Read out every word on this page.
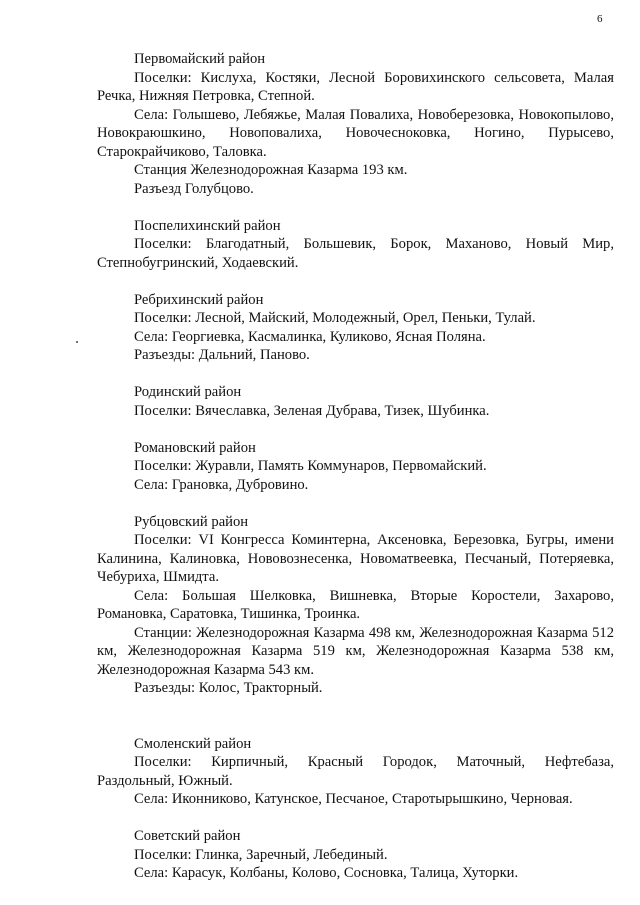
6

Первомайский район

Поселки: Кислуха, Костяки, Лесной Боровихинского сельсовета, Малая Речка, Нижняя Петровка, Степной.

Села: Голышево, Лебяжье, Малая Повалиха, Новоберезовка, Новокопылово, Новокраюшкино, Новоповалиха, Новочесноковка, Ногино, Пурысево, Старокрайчиково, Таловка.

Станция Железнодорожная Казарма 193 км.

Разъезд Голубцово.

Поспелихинский район

Поселки: Благодатный, Большевик, Борок, Маханово, Новый Мир, Степнобугринский, Ходаевский.

Ребрихинский район

Поселки: Лесной, Майский, Молодежный, Орел, Пеньки, Тулай.

Села: Георгиевка, Касмалинка, Куликово, Ясная Поляна.

Разъезды: Дальний, Паново.

Родинский район

Поселки: Вячеславка, Зеленая Дубрава, Тизек, Шубинка.

Романовский район

Поселки: Журавли, Память Коммунаров, Первомайский.

Села: Грановка, Дубровино.

Рубцовский район

Поселки: VI Конгресса Коминтерна, Аксеновка, Березовка, Бугры, имени Калинина, Калиновка, Нововознесенка, Новоматвеевка, Песчаный, Потеряевка, Чебуриха, Шмидта.

Села: Большая Шелковка, Вишневка, Вторые Коростели, Захарово, Романовка, Саратовка, Тишинка, Троинка.

Станции: Железнодорожная Казарма 498 км, Железнодорожная Казарма 512 км, Железнодорожная Казарма 519 км, Железнодорожная Казарма 538 км, Железнодорожная Казарма 543 км.

Разъезды: Колос, Тракторный.

Смоленский район

Поселки: Кирпичный, Красный Городок, Маточный, Нефтебаза, Раздольный, Южный.

Села: Иконниково, Катунское, Песчаное, Старотырышкино, Черновая.

Советский район

Поселки: Глинка, Заречный, Лебединый.

Села: Карасук, Колбаны, Колово, Сосновка, Талица, Хуторки.
